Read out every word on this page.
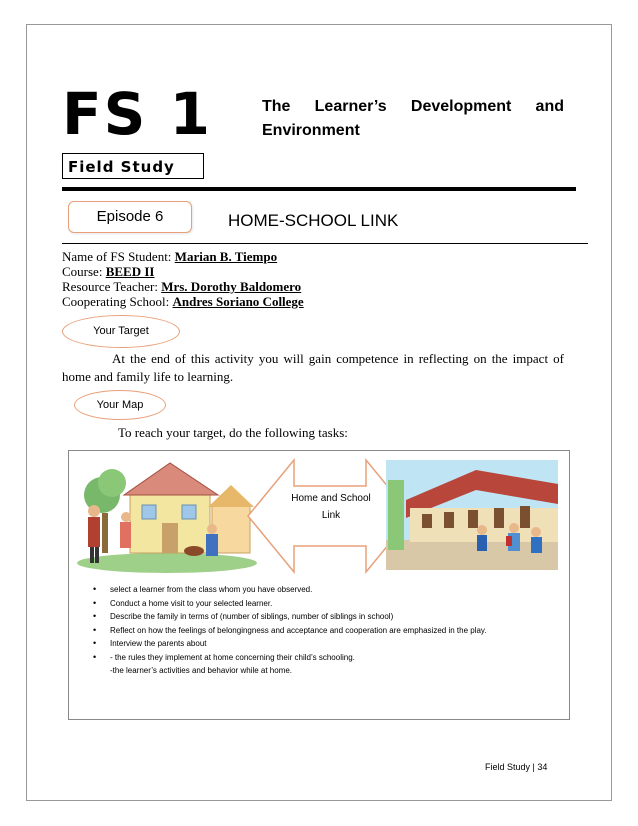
FS 1
Field Study
The Learner’s Development and Environment
Episode 6	HOME-SCHOOL LINK
Name of FS Student: Marian B. Tiempo
Course: BEED II
Resource Teacher: Mrs. Dorothy Baldomero
Cooperating School: Andres Soriano College
Your Target
At the end of this activity you will gain competence in reflecting on the impact of home and family life to learning.
Your Map
To reach your target, do the following tasks:
Home and School
Link
• select a learner from the class whom you have observed.
• Conduct a home visit to your selected learner.
• Describe the family in terms of (number of siblings, number of siblings in school)
• Reflect on how the feelings of belongingness and acceptance and cooperation are emphasized in the play.
• Interview the parents about
• - the rules they implement at home concerning their child’s schooling.
-the learner’s activities and behavior while at home.
Field Study | 34
